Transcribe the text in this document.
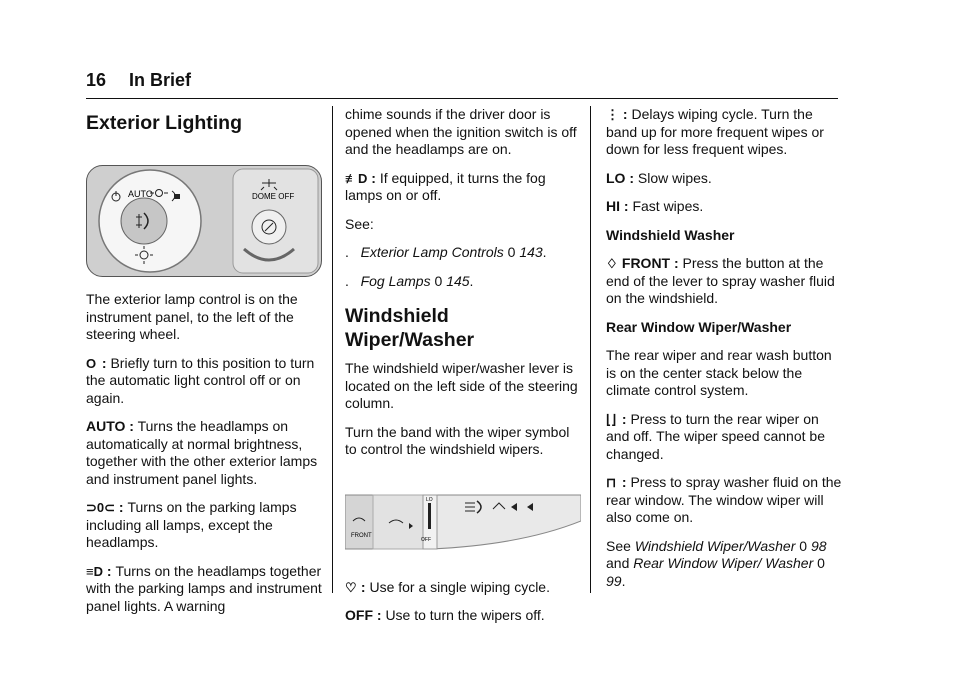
16 In Brief
Exterior Lighting
AUTO	DOME OFF

The exterior lamp control is on the instrument panel, to the left of the steering wheel.

O : Briefly turn to this position to turn the automatic light control off or on again.

AUTO : Turns the headlamps on automatically at normal brightness, together with the other exterior lamps and instrument panel lights.

⊃0⊂ : Turns on the parking lamps including all lamps, except the headlamps.

≡D : Turns on the headlamps together with the parking lamps and instrument panel lights. A warning

chime sounds if the driver door is opened when the ignition switch is off and the headlamps are on.

≢D : If equipped, it turns the fog lamps on or off.

See:

. Exterior Lamp Controls 0 143.

. Fog Lamps 0 145.

Windshield Wiper/Washer

The windshield wiper/washer lever is located on the left side of the steering column.

Turn the band with the wiper symbol to control the windshield wipers.

FRONT
LO
OFF

♡ : Use for a single wiping cycle.

OFF : Use to turn the wipers off.

⋮ : Delays wiping cycle. Turn the band up for more frequent wipes or down for less frequent wipes.

LO : Slow wipes.

HI : Fast wipes.

Windshield Washer

♢ FRONT : Press the button at the end of the lever to spray washer fluid on the windshield.

Rear Window Wiper/Washer

The rear wiper and rear wash button is on the center stack below the climate control system.

⌊⌋ : Press to turn the rear wiper on and off. The wiper speed cannot be changed.

⊓ : Press to spray washer fluid on the rear window. The window wiper will also come on.

See Windshield Wiper/Washer 0 98
and Rear Window Wiper/ Washer 0 99.
